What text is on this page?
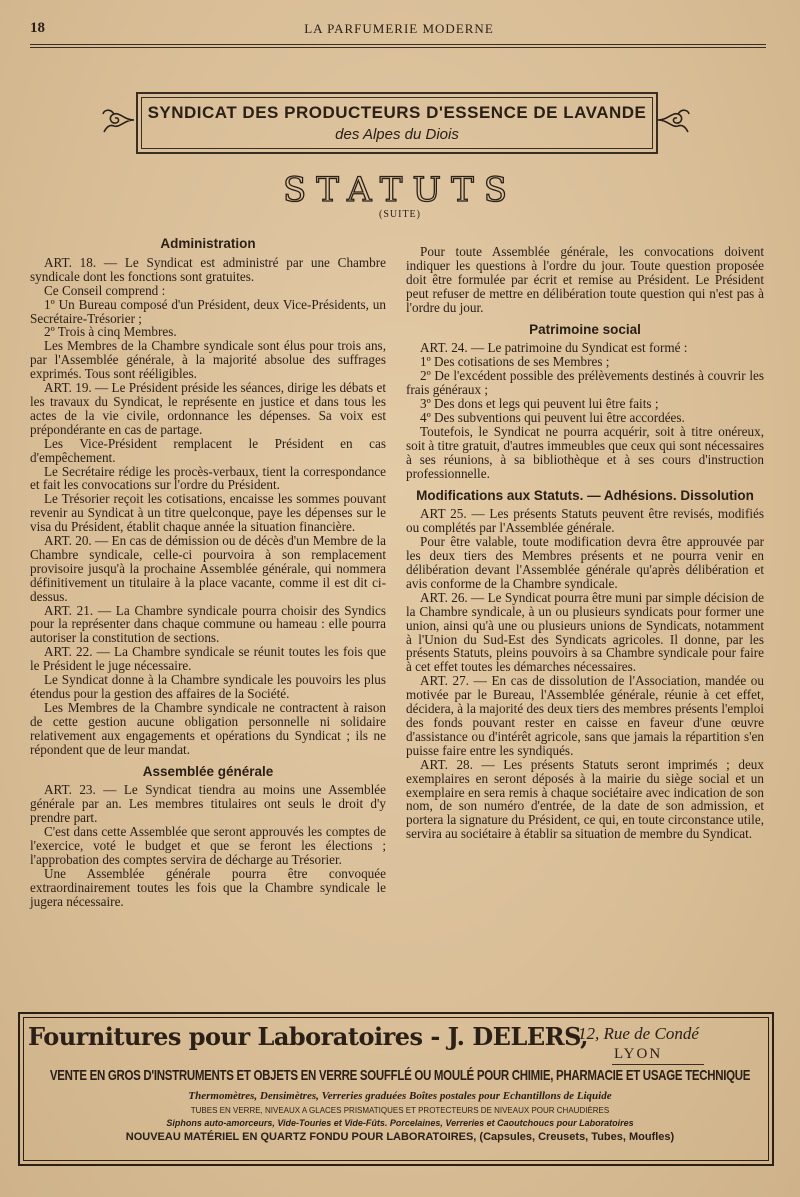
18	LA PARFUMERIE MODERNE
SYNDICAT DES PRODUCTEURS D'ESSENCE DE LAVANDE
des Alpes du Diois
STATUTS
(SUITE)
Administration

ART. 18. — Le Syndicat est administré par une Chambre syndicale dont les fonctions sont gratuites.

Ce Conseil comprend :

1º Un Bureau composé d'un Président, deux Vice-Présidents, un Secrétaire-Trésorier ;

2º Trois à cinq Membres.

Les Membres de la Chambre syndicale sont élus pour trois ans, par l'Assemblée générale, à la majorité absolue des suffrages exprimés. Tous sont rééligibles.

ART. 19. — Le Président préside les séances, dirige les débats et les travaux du Syndicat, le représente en justice et dans tous les actes de la vie civile, ordonnance les dépenses. Sa voix est prépondérante en cas de partage.

Les Vice-Président remplacent le Président en cas d'empêchement.

Le Secrétaire rédige les procès-verbaux, tient la correspondance et fait les convocations sur l'ordre du Président.

Le Trésorier reçoit les cotisations, encaisse les sommes pouvant revenir au Syndicat à un titre quelconque, paye les dépenses sur le visa du Président, établit chaque année la situation financière.

ART. 20. — En cas de démission ou de décès d'un Membre de la Chambre syndicale, celle-ci pourvoira à son remplacement provisoire jusqu'à la prochaine Assemblée générale, qui nommera définitivement un titulaire à la place vacante, comme il est dit ci-dessus.

ART. 21. — La Chambre syndicale pourra choisir des Syndics pour la représenter dans chaque commune ou hameau : elle pourra autoriser la constitution de sections.

ART. 22. — La Chambre syndicale se réunit toutes les fois que le Président le juge nécessaire.

Le Syndicat donne à la Chambre syndicale les pouvoirs les plus étendus pour la gestion des affaires de la Société.

Les Membres de la Chambre syndicale ne contractent à raison de cette gestion aucune obligation personnelle ni solidaire relativement aux engagements et opérations du Syndicat ; ils ne répondent que de leur mandat.

Assemblée générale

ART. 23. — Le Syndicat tiendra au moins une Assemblée générale par an. Les membres titulaires ont seuls le droit d'y prendre part.

C'est dans cette Assemblée que seront approuvés les comptes de l'exercice, voté le budget et que se feront les élections ; l'approbation des comptes servira de décharge au Trésorier.

Une Assemblée générale pourra être convoquée extraordinairement toutes les fois que la Chambre syndicale le jugera nécessaire.

Pour toute Assemblée générale, les convocations doivent indiquer les questions à l'ordre du jour. Toute question proposée doit être formulée par écrit et remise au Président. Le Président peut refuser de mettre en délibération toute question qui n'est pas à l'ordre du jour.

Patrimoine social

ART. 24. — Le patrimoine du Syndicat est formé :

1º Des cotisations de ses Membres ;

2º De l'excédent possible des prélèvements destinés à couvrir les frais généraux ;

3º Des dons et legs qui peuvent lui être faits ;

4º Des subventions qui peuvent lui être accordées.

Toutefois, le Syndicat ne pourra acquérir, soit à titre onéreux, soit à titre gratuit, d'autres immeubles que ceux qui sont nécessaires à ses réunions, à sa bibliothèque et à ses cours d'instruction professionnelle.

Modifications aux Statuts. — Adhésions. Dissolution

ART 25. — Les présents Statuts peuvent être revisés, modifiés ou complétés par l'Assemblée générale.

Pour être valable, toute modification devra être approuvée par les deux tiers des Membres présents et ne pourra venir en délibération devant l'Assemblée générale qu'après délibération et avis conforme de la Chambre syndicale.

ART. 26. — Le Syndicat pourra être muni par simple décision de la Chambre syndicale, à un ou plusieurs syndicats pour former une union, ainsi qu'à une ou plusieurs unions de Syndicats, notamment à l'Union du Sud-Est des Syndicats agricoles. Il donne, par les présents Statuts, pleins pouvoirs à sa Chambre syndicale pour faire à cet effet toutes les démarches nécessaires.

ART. 27. — En cas de dissolution de l'Association, mandée ou motivée par le Bureau, l'Assemblée générale, réunie à cet effet, décidera, à la majorité des deux tiers des membres présents l'emploi des fonds pouvant rester en caisse en faveur d'une œuvre d'assistance ou d'intérêt agricole, sans que jamais la répartition s'en puisse faire entre les syndiqués.

ART. 28. — Les présents Statuts seront imprimés ; deux exemplaires en seront déposés à la mairie du siège social et un exemplaire en sera remis à chaque sociétaire avec indication de son nom, de son numéro d'entrée, de la date de son admission, et portera la signature du Président, ce qui, en toute circonstance utile, servira au sociétaire à établir sa situation de membre du Syndicat.

Fournitures pour Laboratoires - J. DELERS,
12, Rue de Condé
LYON
VENTE EN GROS D'INSTRUMENTS ET OBJETS EN VERRE SOUFFLÉ OU MOULÉ POUR CHIMIE, PHARMACIE ET USAGE TECHNIQUE
Thermomètres, Densimètres, Verreries graduées Boîtes postales pour Echantillons de Liquide
TUBES EN VERRE, NIVEAUX A GLACES PRISMATIQUES ET PROTECTEURS DE NIVEAUX POUR CHAUDIÈRES
Siphons auto-amorceurs, Vide-Touries et Vide-Fûts. Porcelaines, Verreries et Caoutchoucs pour Laboratoires
NOUVEAU MATÉRIEL EN QUARTZ FONDU POUR LABORATOIRES, (Capsules, Creusets, Tubes, Moufles)
